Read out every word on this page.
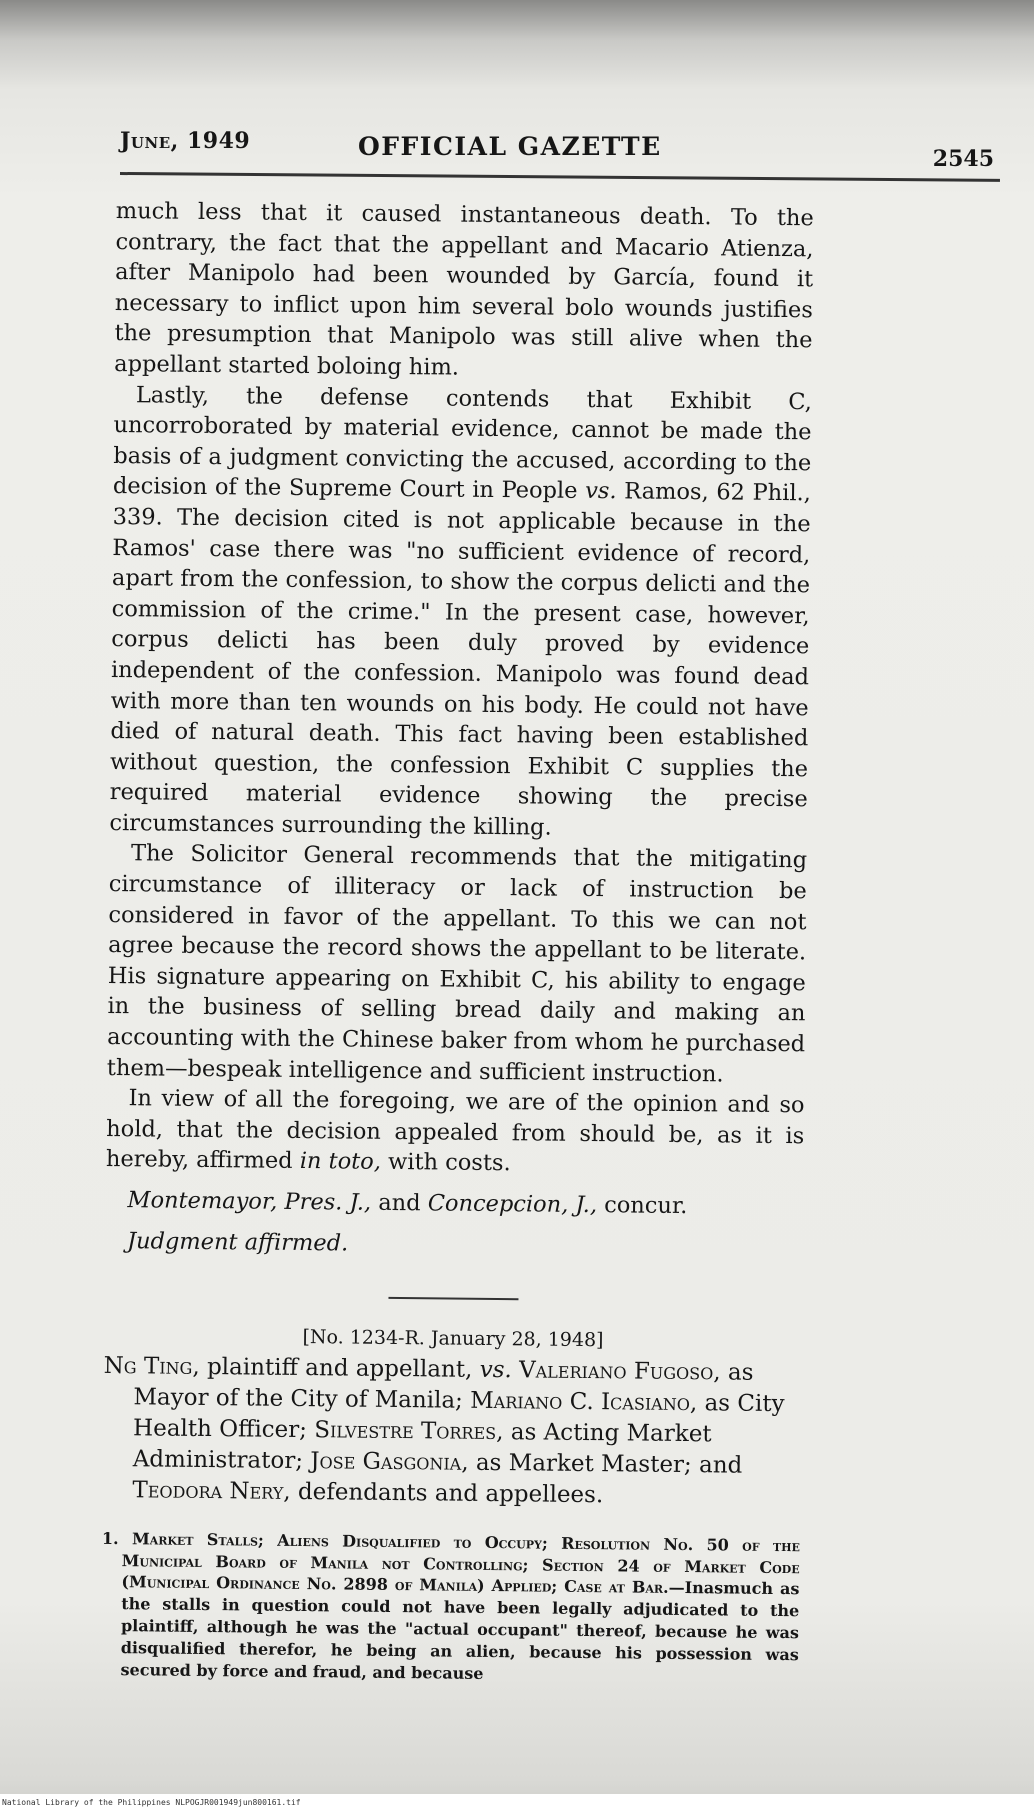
June, 1949	OFFICIAL GAZETTE	2545

much less that it caused instantaneous death. To the contrary, the fact that the appellant and Macario Atienza, after Manipolo had been wounded by García, found it necessary to inflict upon him several bolo wounds justifies the presumption that Manipolo was still alive when the appellant started boloing him.

Lastly, the defense contends that Exhibit C, uncorroborated by material evidence, cannot be made the basis of a judgment convicting the accused, according to the decision of the Supreme Court in People vs. Ramos, 62 Phil., 339. The decision cited is not applicable because in the Ramos' case there was "no sufficient evidence of record, apart from the confession, to show the corpus delicti and the commission of the crime." In the present case, however, corpus delicti has been duly proved by evidence independent of the confession. Manipolo was found dead with more than ten wounds on his body. He could not have died of natural death. This fact having been established without question, the confession Exhibit C supplies the required material evidence showing the precise circumstances surrounding the killing.

The Solicitor General recommends that the mitigating circumstance of illiteracy or lack of instruction be considered in favor of the appellant. To this we can not agree because the record shows the appellant to be literate. His signature appearing on Exhibit C, his ability to engage in the business of selling bread daily and making an accounting with the Chinese baker from whom he purchased them—bespeak intelligence and sufficient instruction.

In view of all the foregoing, we are of the opinion and so hold, that the decision appealed from should be, as it is hereby, affirmed in toto, with costs.

Montemayor, Pres. J., and Concepcion, J., concur.

Judgment affirmed.

[No. 1234-R. January 28, 1948]

Ng Ting, plaintiff and appellant, vs. Valeriano Fugoso, as Mayor of the City of Manila; Mariano C. Icasiano, as City Health Officer; Silvestre Torres, as Acting Market Administrator; Jose Gasgonia, as Market Master; and Teodora Nery, defendants and appellees.

1. Market Stalls; Aliens Disqualified to Occupy; Resolution No. 50 of the Municipal Board of Manila not Controlling; Section 24 of Market Code (Municipal Ordinance No. 2898 of Manila) Applied; Case at Bar.—Inasmuch as the stalls in question could not have been legally adjudicated to the plaintiff, although he was the "actual occupant" thereof, because he was disqualified therefor, he being an alien, because his possession was secured by force and fraud, and because

National Library of the Philippines NLPOGJR001949jun800161.tif
